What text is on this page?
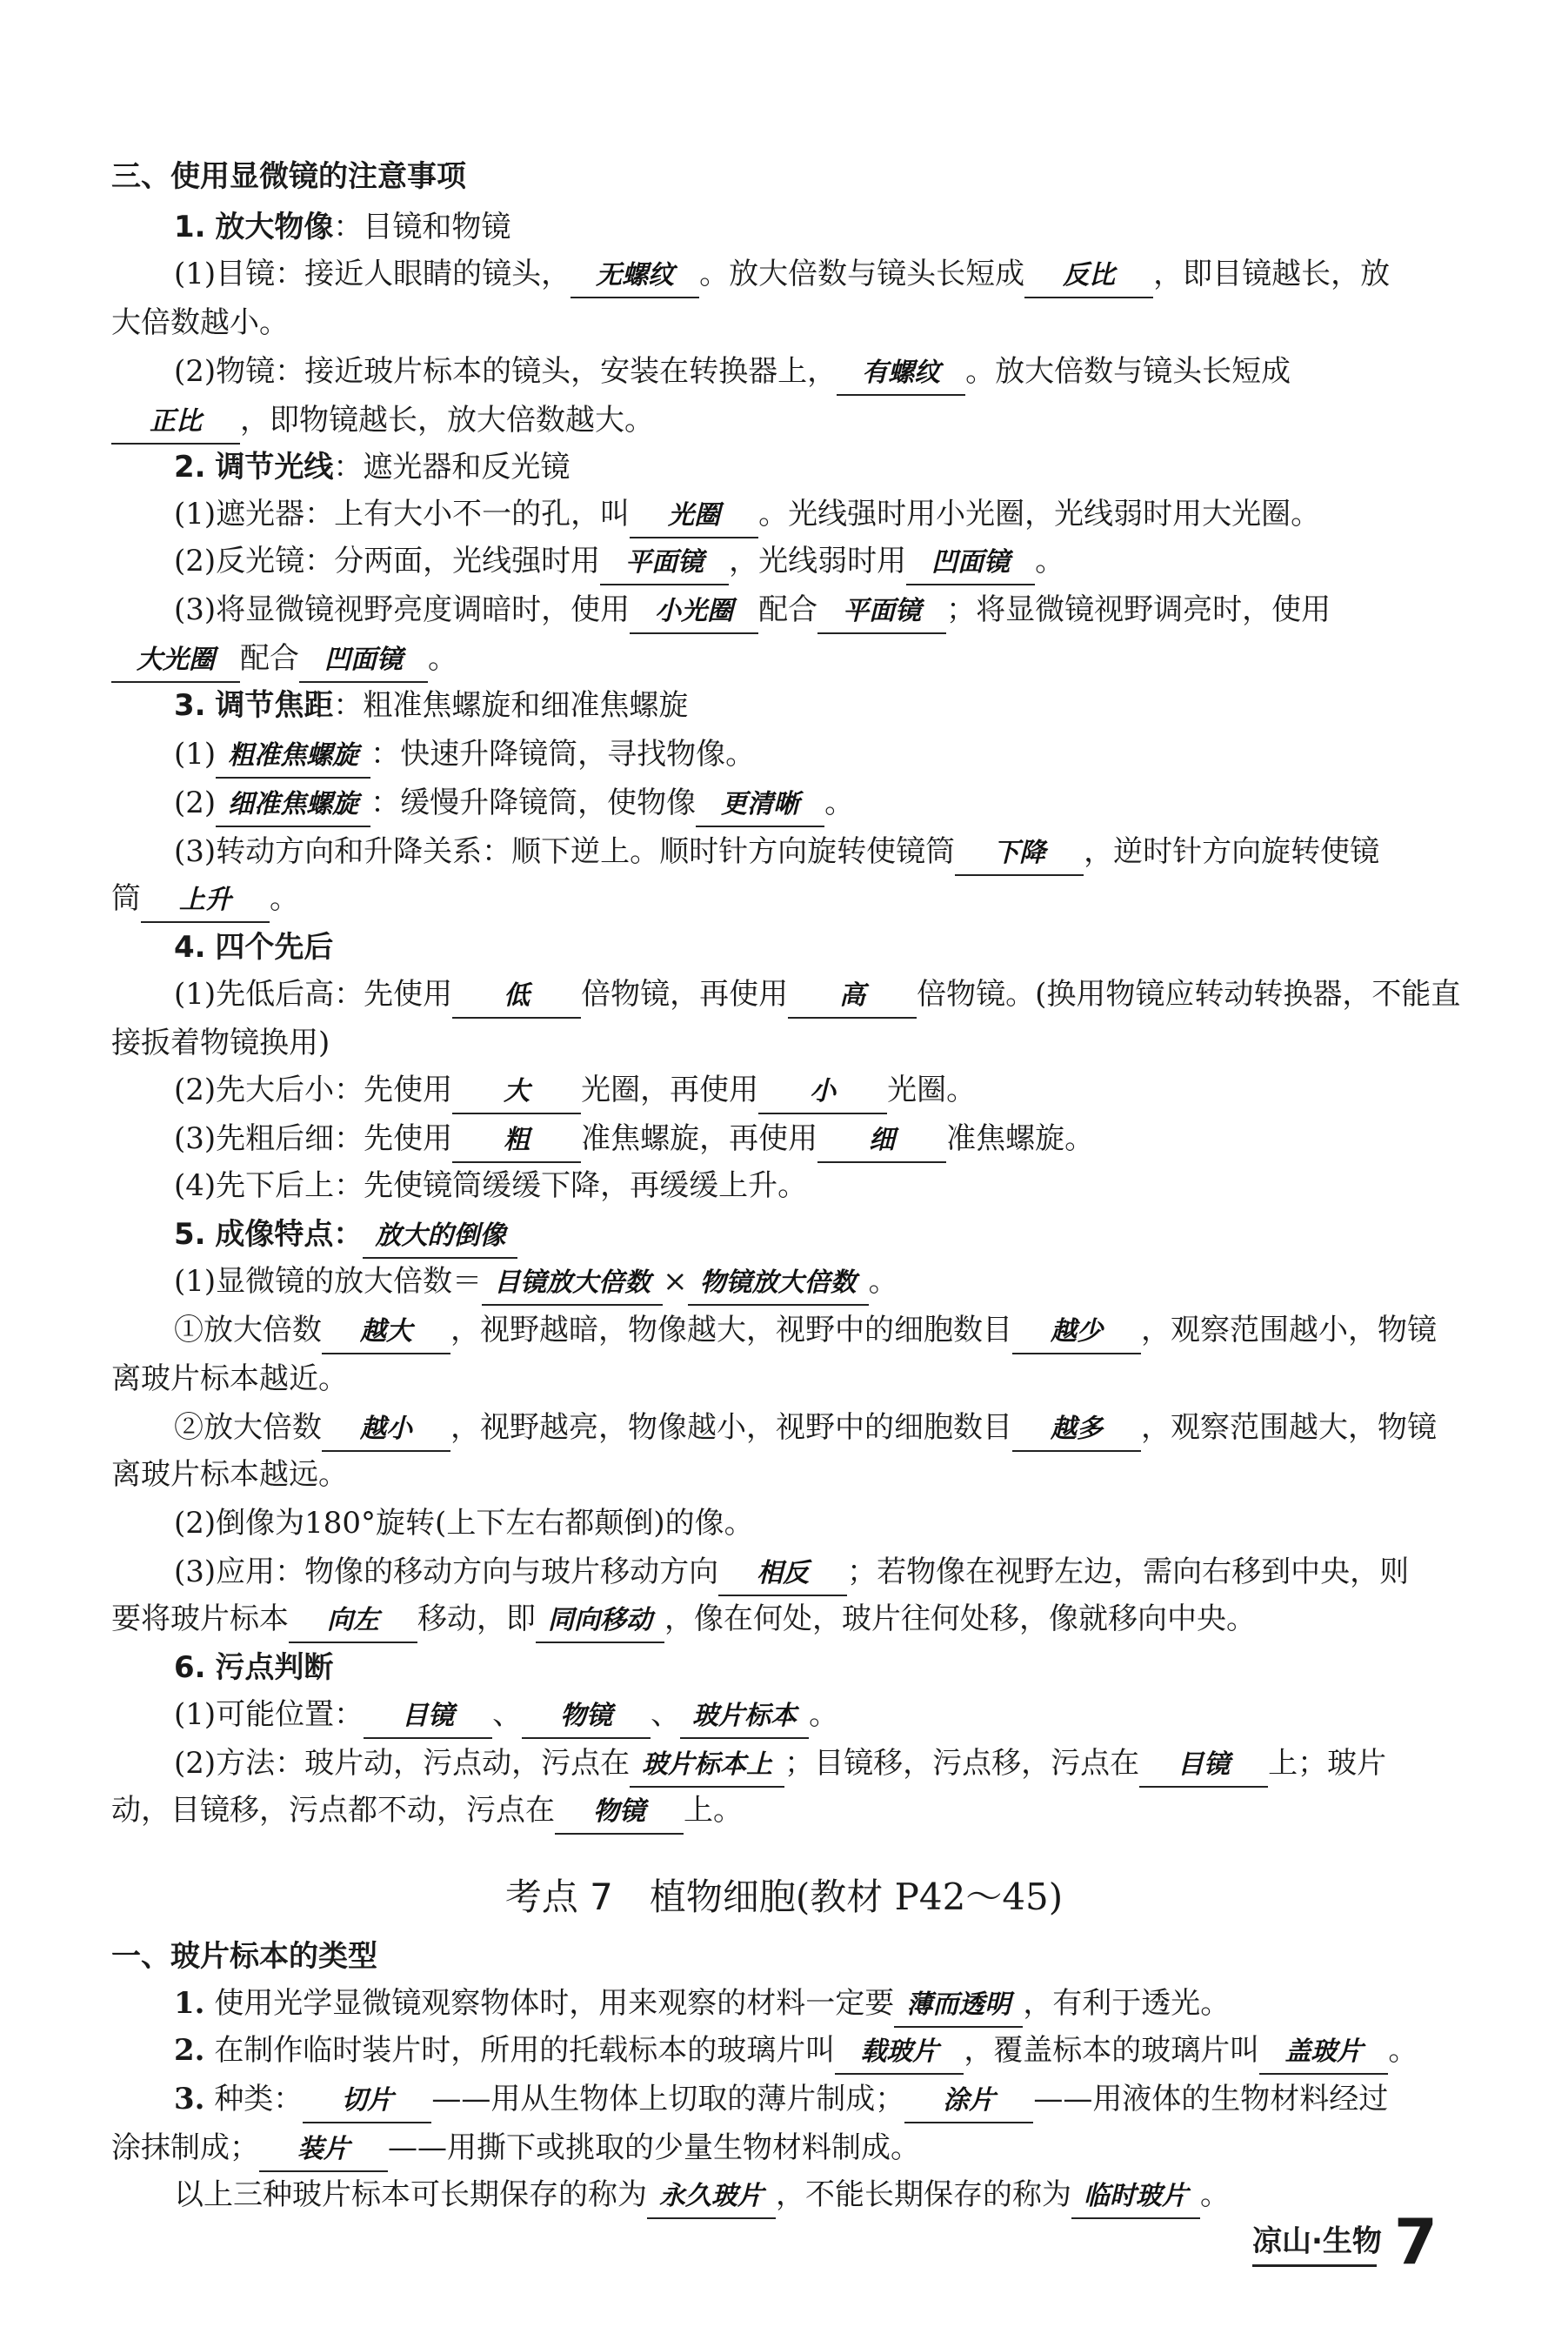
三、使用显微镜的注意事项
1. 放大物像：目镜和物镜
(1)目镜：接近人眼睛的镜头， 无螺纹 。放大倍数与镜头长短成 反比 ，即目镜越长，放
大倍数越小。
(2)物镜：接近玻片标本的镜头，安装在转换器上， 有螺纹 。放大倍数与镜头长短成
正比 ，即物镜越长，放大倍数越大。
2. 调节光线：遮光器和反光镜
(1)遮光器：上有大小不一的孔，叫 光圈 。光线强时用小光圈，光线弱时用大光圈。
(2)反光镜：分两面，光线强时用 平面镜 ，光线弱时用 凹面镜 。
(3)将显微镜视野亮度调暗时，使用 小光圈 配合 平面镜 ；将显微镜视野调亮时，使用
大光圈 配合 凹面镜 。
3. 调节焦距：粗准焦螺旋和细准焦螺旋
(1) 粗准焦螺旋 ：快速升降镜筒，寻找物像。
(2) 细准焦螺旋 ：缓慢升降镜筒，使物像 更清晰 。
(3)转动方向和升降关系：顺下逆上。顺时针方向旋转使镜筒 下降 ，逆时针方向旋转使镜
筒 上升 。
4. 四个先后
(1)先低后高：先使用 低 倍物镜，再使用 高 倍物镜。(换用物镜应转动转换器，不能直
接扳着物镜换用)
(2)先大后小：先使用 大 光圈，再使用 小 光圈。
(3)先粗后细：先使用 粗 准焦螺旋，再使用 细 准焦螺旋。
(4)先下后上：先使镜筒缓缓下降，再缓缓上升。
5. 成像特点： 放大的倒像
(1)显微镜的放大倍数＝ 目镜放大倍数 × 物镜放大倍数 。
①放大倍数 越大 ，视野越暗，物像越大，视野中的细胞数目 越少 ，观察范围越小，物镜
离玻片标本越近。
②放大倍数 越小 ，视野越亮，物像越小，视野中的细胞数目 越多 ，观察范围越大，物镜
离玻片标本越远。
(2)倒像为180°旋转(上下左右都颠倒)的像。
(3)应用：物像的移动方向与玻片移动方向 相反 ；若物像在视野左边，需向右移到中央，则
要将玻片标本 向左 移动，即 同向移动 ，像在何处，玻片往何处移，像就移向中央。
6. 污点判断
(1)可能位置： 目镜 、 物镜 、 玻片标本 。
(2)方法：玻片动，污点动，污点在 玻片标本上 ；目镜移，污点移，污点在 目镜 上；玻片
动，目镜移，污点都不动，污点在 物镜 上。
考点 7　植物细胞(教材 P42～45)
一、玻片标本的类型
1. 使用光学显微镜观察物体时，用来观察的材料一定要 薄而透明 ，有利于透光。
2. 在制作临时装片时，所用的托载标本的玻璃片叫 载玻片 ，覆盖标本的玻璃片叫 盖玻片 。
3. 种类： 切片 ——用从生物体上切取的薄片制成； 涂片 ——用液体的生物材料经过
涂抹制成； 装片 ——用撕下或挑取的少量生物材料制成。
以上三种玻片标本可长期保存的称为 永久玻片 ，不能长期保存的称为 临时玻片 。
凉山·生物 7
